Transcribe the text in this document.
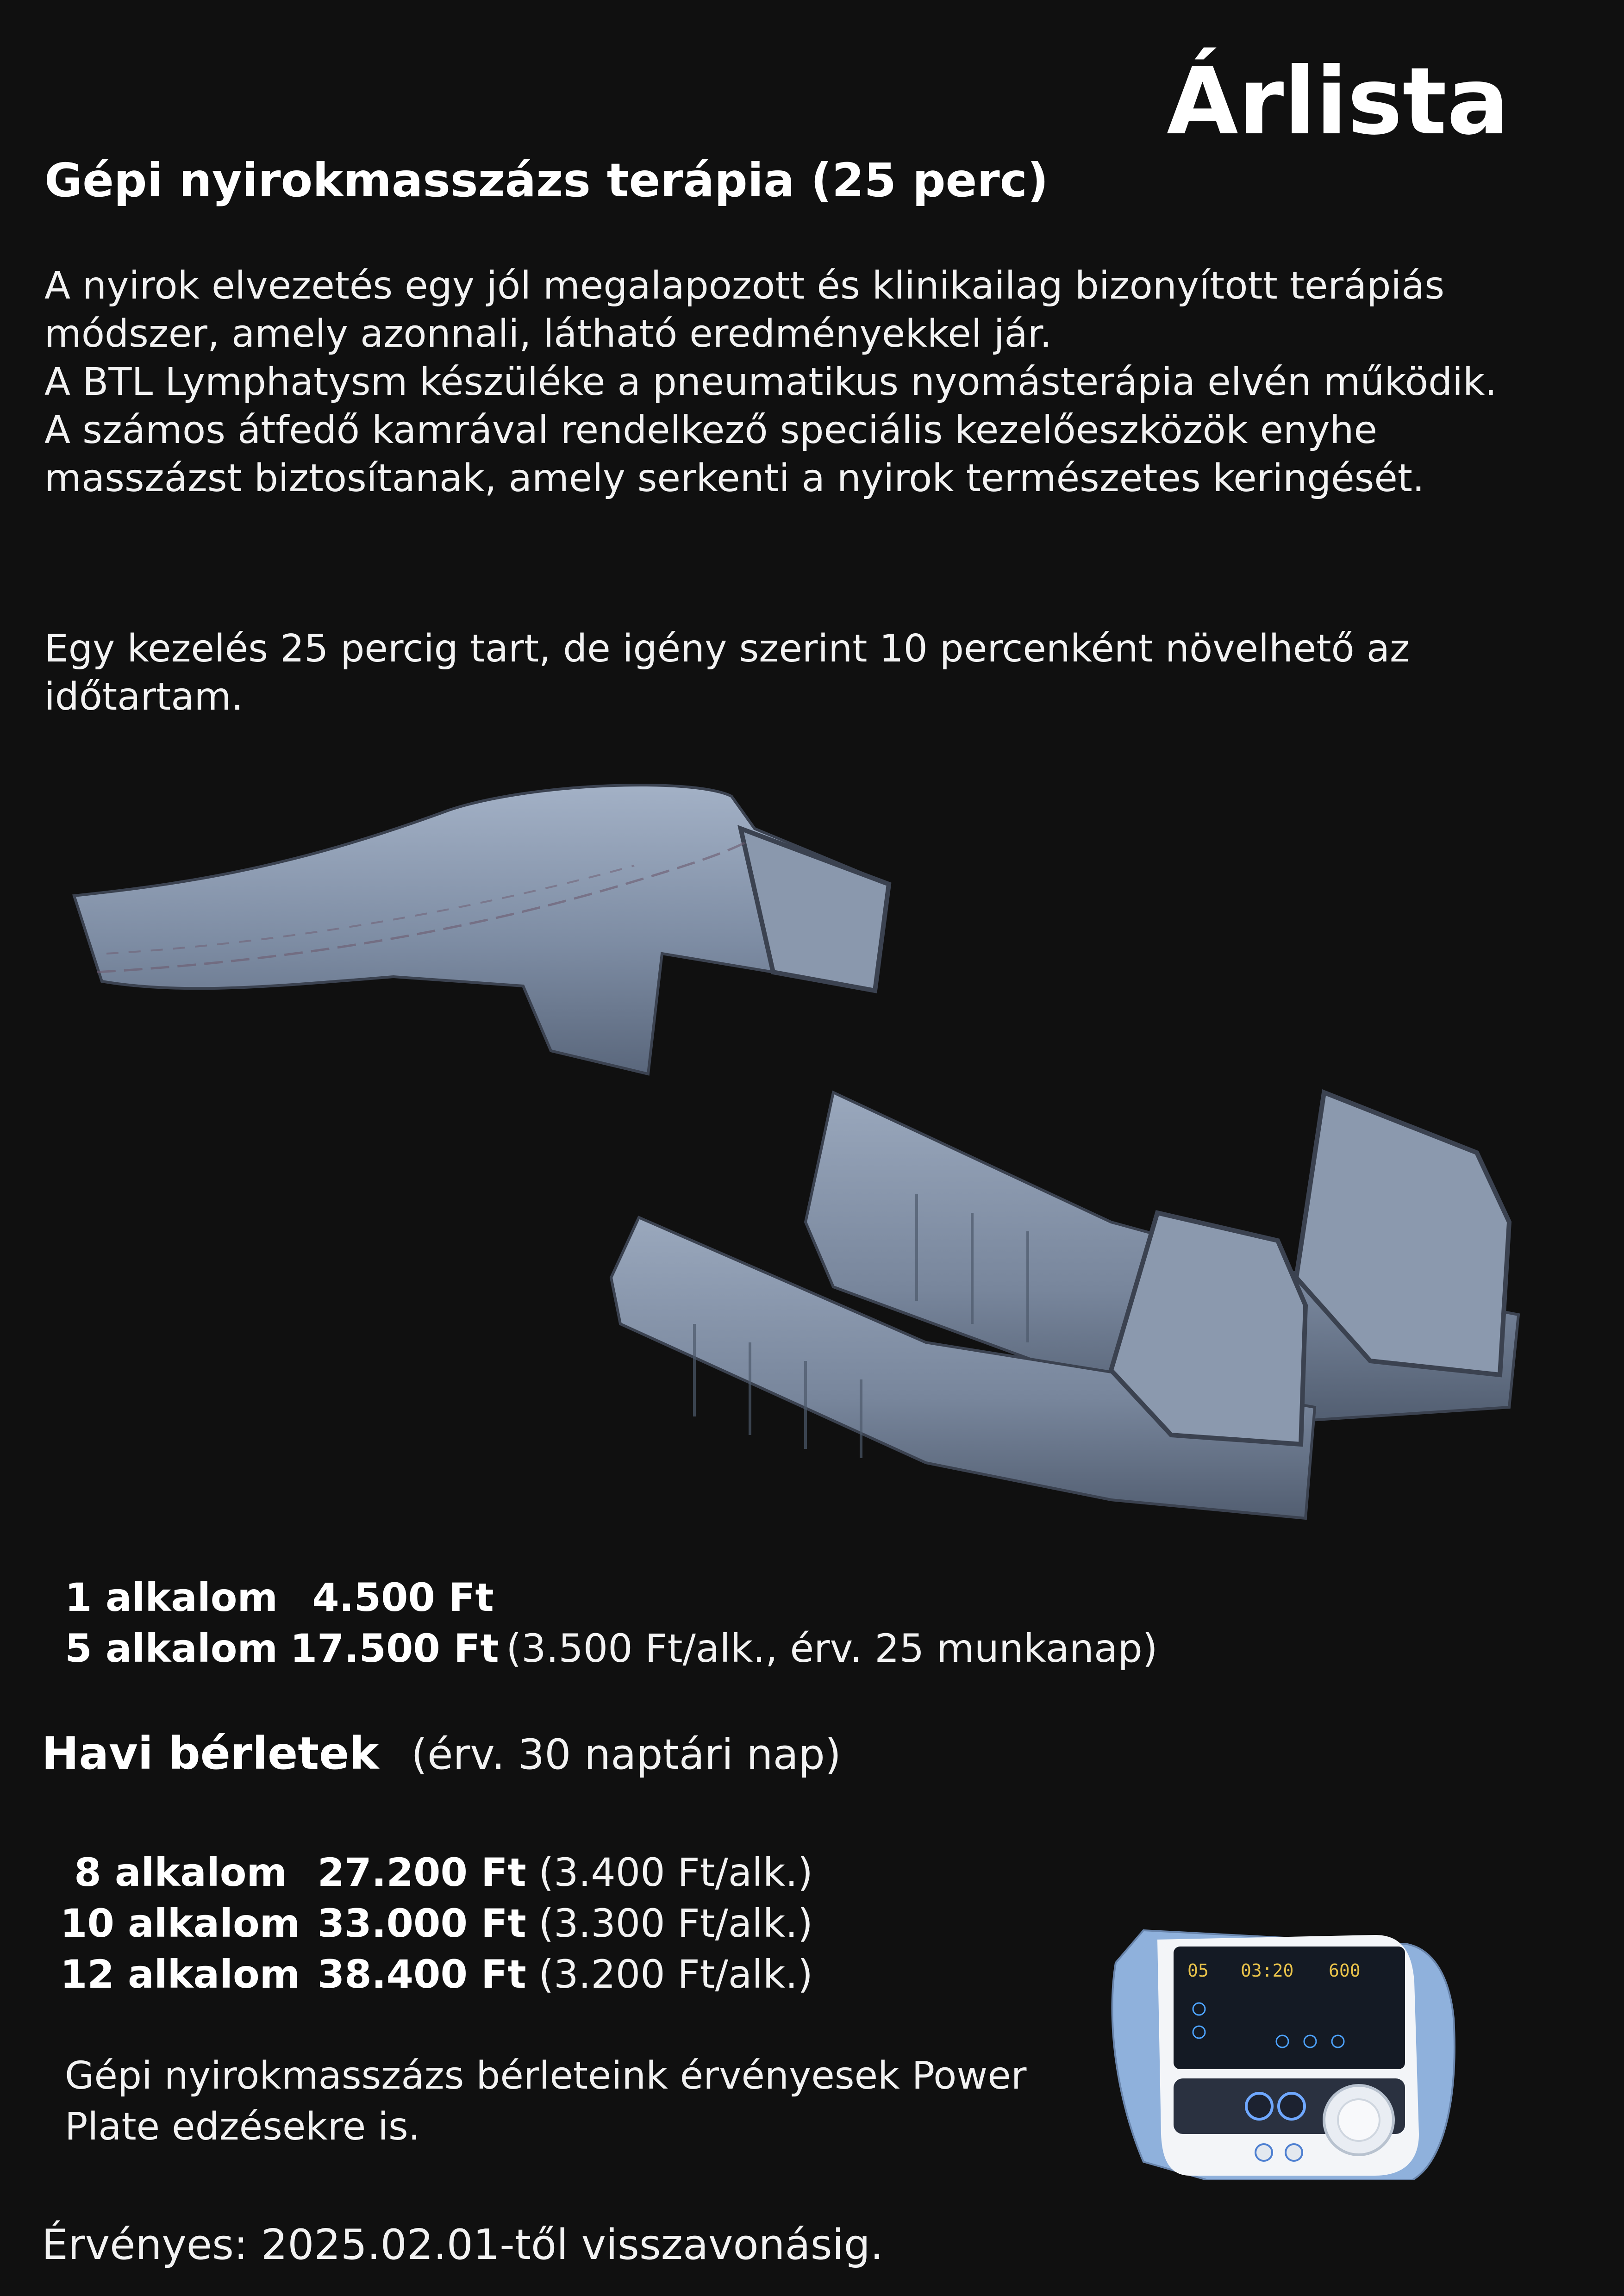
Árlista
Gépi nyirokmasszázs terápia (25 perc)
A nyirok elvezetés egy jól megalapozott és klinikailag bizonyított terápiás módszer, amely azonnali, látható eredményekkel jár.
A BTL Lymphatysm készüléke a pneumatikus nyomásterápia elvén működik.
A számos átfedő kamrával rendelkező speciális kezelőeszközök enyhe masszázst biztosítanak, amely serkenti a nyirok természetes keringését.
Egy kezelés 25 percig tart, de igény szerint 10 percenként növelhető az időtartam.
1 alkalom 4.500 Ft
5 alkalom 17.500 Ft (3.500 Ft/alk., érv. 25 munkanap)
Havi bérletek (érv. 30 naptári nap)
8 alkalom 27.200 Ft (3.400 Ft/alk.)
10 alkalom 33.000 Ft (3.300 Ft/alk.)
12 alkalom 38.400 Ft (3.200 Ft/alk.)
Gépi nyirokmasszázs bérleteink érvényesek Power Plate edzésekre is.
05 03:20 600
Érvényes: 2025.02.01-től visszavonásig.
